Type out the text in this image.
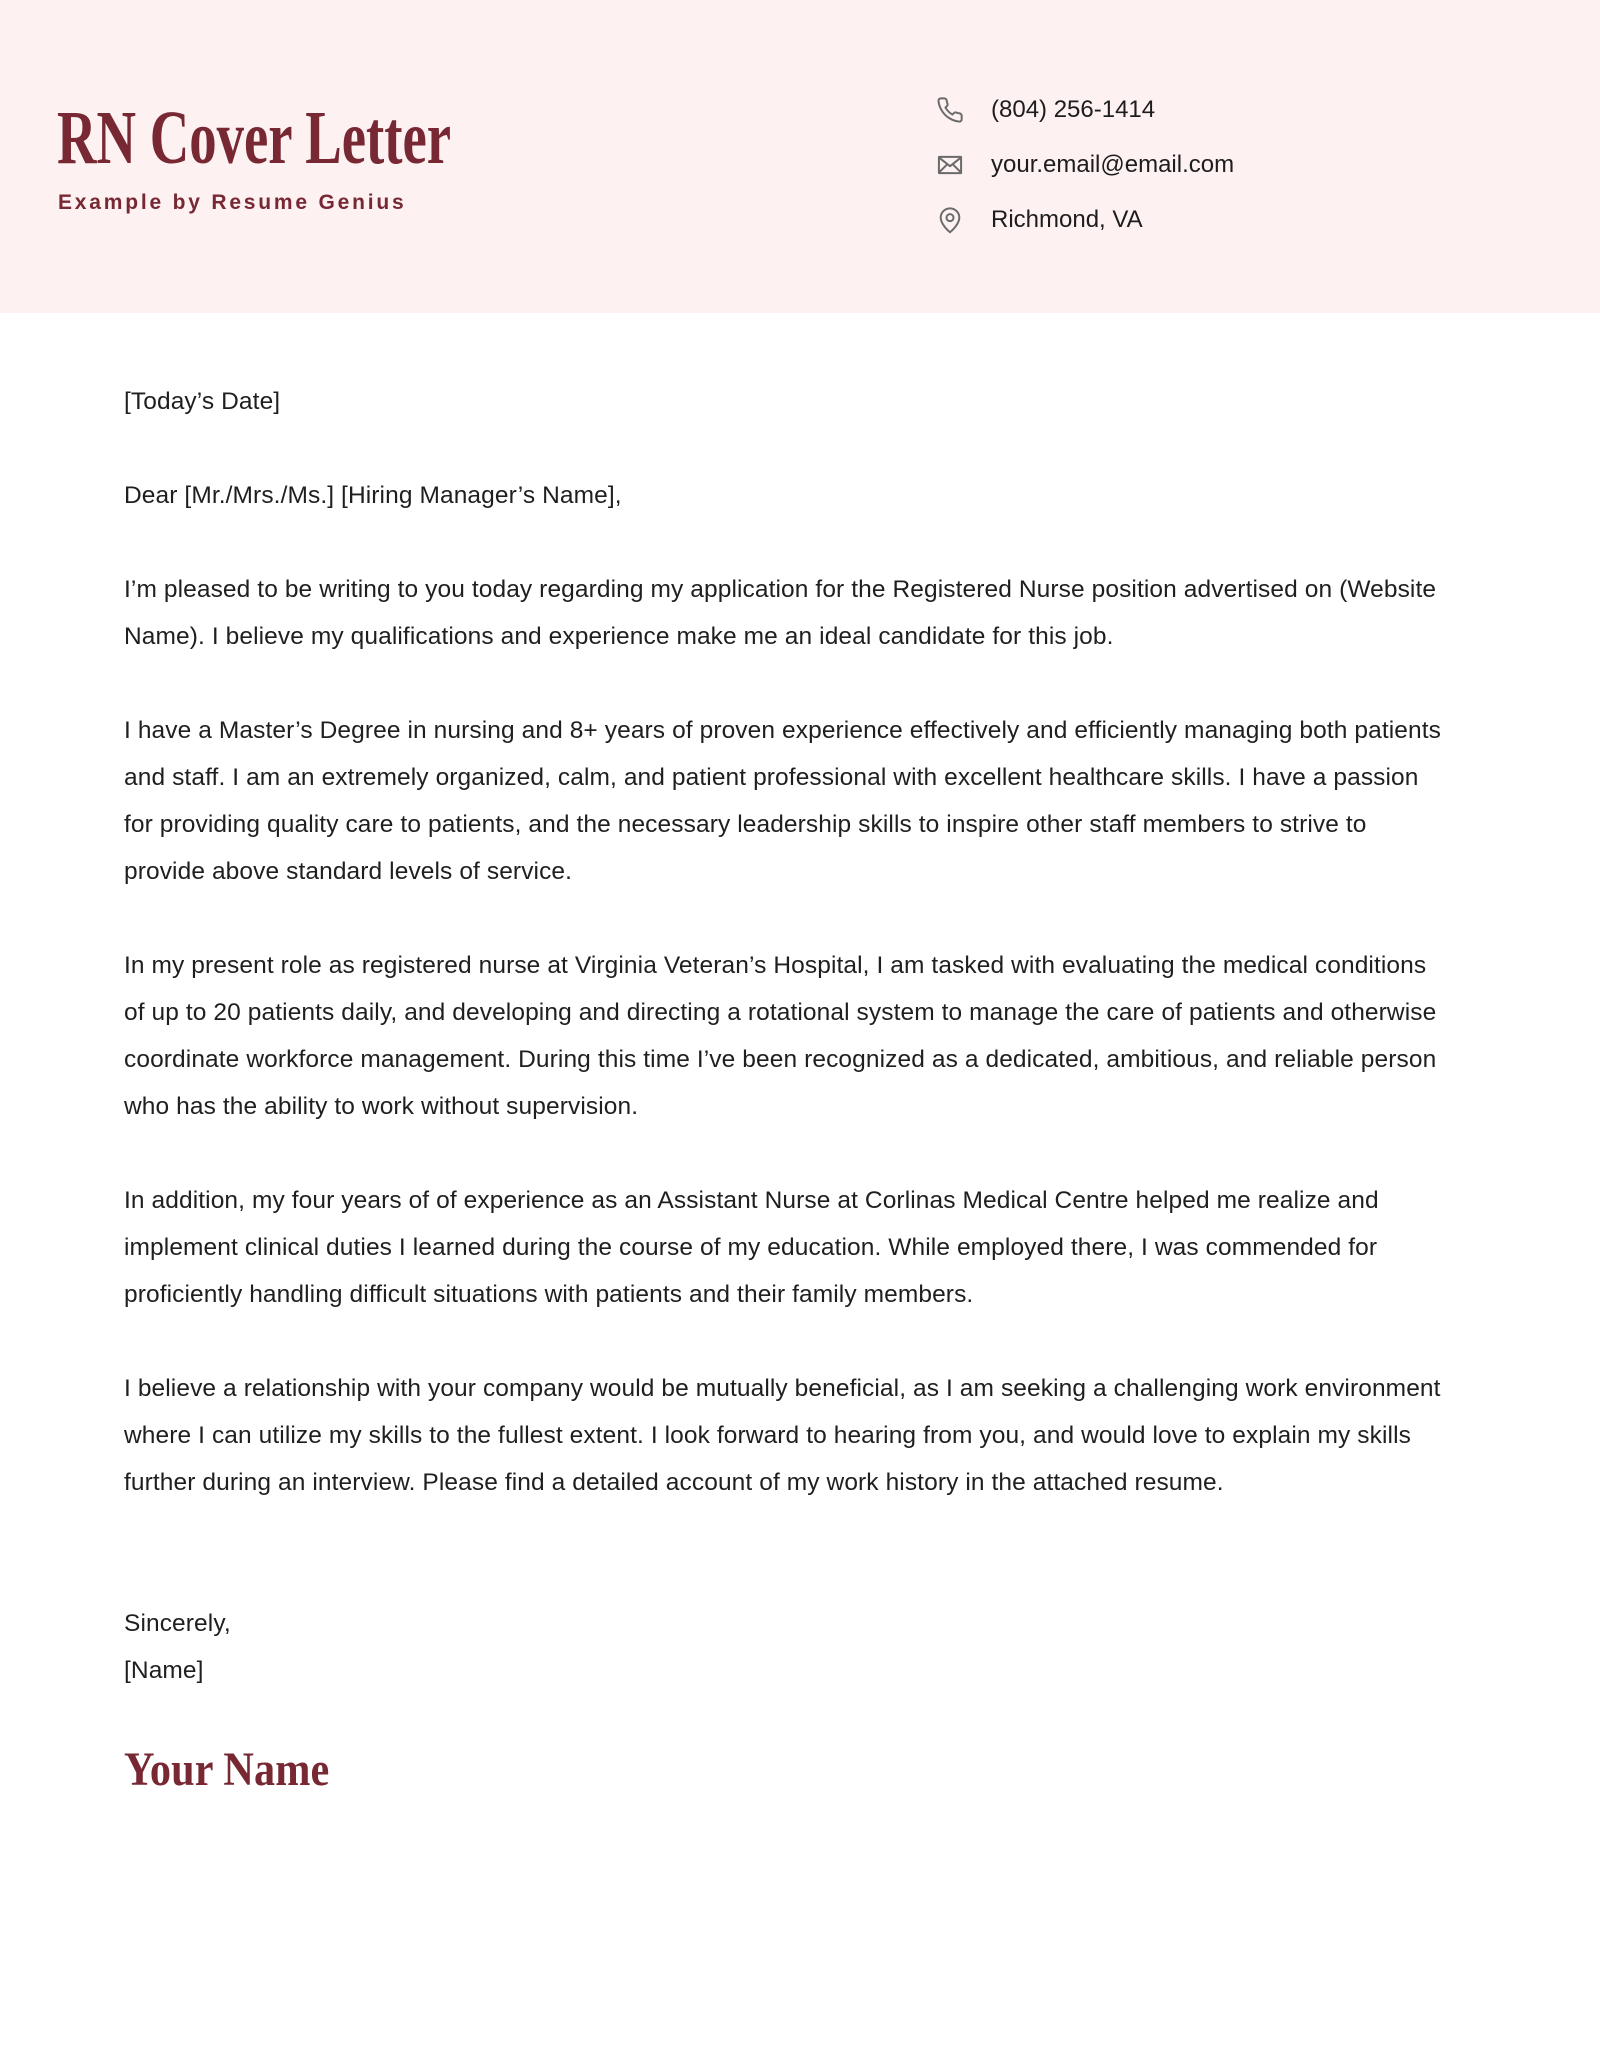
RN Cover Letter
Example by Resume Genius
(804) 256-1414
your.email@email.com
Richmond, VA
[Today’s Date]
Dear [Mr./Mrs./Ms.] [Hiring Manager’s Name],

I’m pleased to be writing to you today regarding my application for the Registered Nurse position advertised on (Website Name). I believe my qualifications and experience make me an ideal candidate for this job.

I have a Master’s Degree in nursing and 8+ years of proven experience effectively and efficiently managing both patients and staff. I am an extremely organized, calm, and patient professional with excellent healthcare skills. I have a passion for providing quality care to patients, and the necessary leadership skills to inspire other staff members to strive to provide above standard levels of service.

In my present role as registered nurse at Virginia Veteran’s Hospital, I am tasked with evaluating the medical conditions of up to 20 patients daily, and developing and directing a rotational system to manage the care of patients and otherwise coordinate workforce management. During this time I’ve been recognized as a dedicated, ambitious, and reliable person who has the ability to work without supervision.

In addition, my four years of of experience as an Assistant Nurse at Corlinas Medical Centre helped me realize and implement clinical duties I learned during the course of my education. While employed there, I was commended for proficiently handling difficult situations with patients and their family members.

I believe a relationship with your company would be mutually beneficial, as I am seeking a challenging work environment where I can utilize my skills to the fullest extent. I look forward to hearing from you, and would love to explain my skills further during an interview. Please find a detailed account of my work history in the attached resume.

Sincerely,
[Name]
Your Name
